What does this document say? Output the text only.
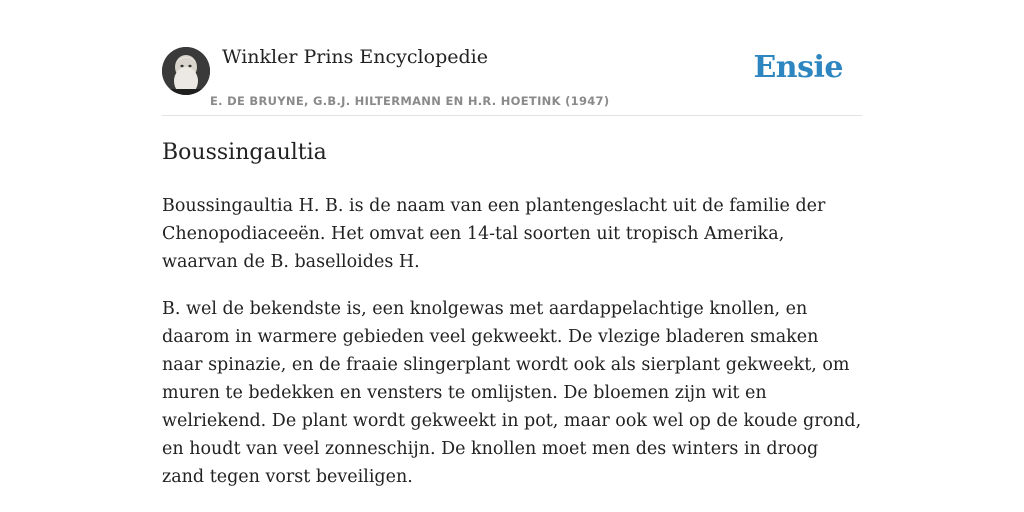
Winkler Prins Encyclopedie
E. DE BRUYNE, G.B.J. HILTERMANN EN H.R. HOETINK (1947)
Ensie
Boussingaultia

Boussingaultia H. B. is de naam van een plantengeslacht uit de familie der Chenopodiaceeën. Het omvat een 14-tal soorten uit tropisch Amerika, waarvan de B. baselloides H.

B. wel de bekendste is, een knolgewas met aardappelachtige knollen, en daarom in warmere gebieden veel gekweekt. De vlezige bladeren smaken naar spinazie, en de fraaie slingerplant wordt ook als sierplant gekweekt, om muren te bedekken en vensters te omlijsten. De bloemen zijn wit en welriekend. De plant wordt gekweekt in pot, maar ook wel op de koude grond, en houdt van veel zonneschijn. De knollen moet men des winters in droog zand tegen vorst beveiligen.
